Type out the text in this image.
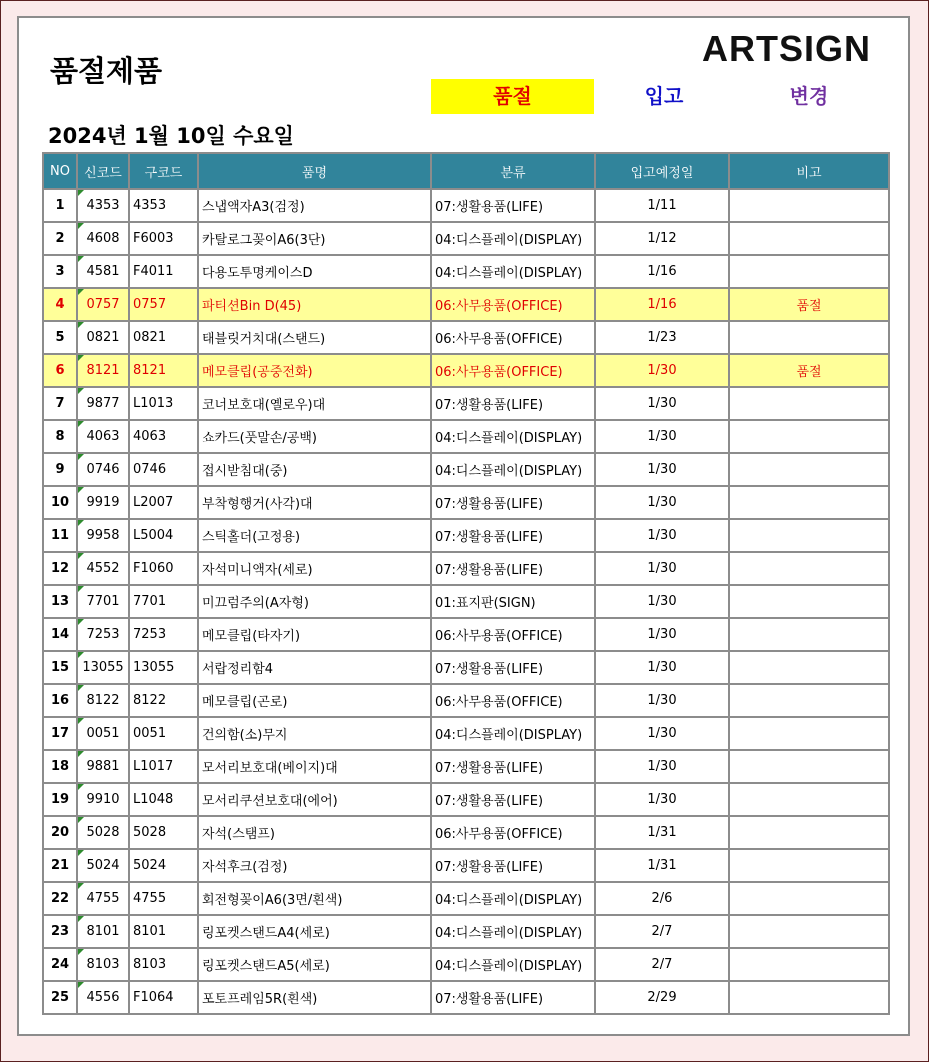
품절제품
ARTSIGN
품절	입고	변경
2024년 1월 10일 수요일
NO	신코드	구코드	품명	분류	입고예정일	비고
1	4353	4353	스냅액자A3(검정)	07:생활용품(LIFE)	1/11	
2	4608	F6003	카탈로그꽂이A6(3단)	04:디스플레이(DISPLAY)	1/12	
3	4581	F4011	다용도투명케이스D	04:디스플레이(DISPLAY)	1/16	
4	0757	0757	파티션Bin D(45)	06:사무용품(OFFICE)	1/16	품절
5	0821	0821	태블릿거치대(스탠드)	06:사무용품(OFFICE)	1/23	
6	8121	8121	메모클립(공중전화)	06:사무용품(OFFICE)	1/30	품절
7	9877	L1013	코너보호대(옐로우)대	07:생활용품(LIFE)	1/30	
8	4063	4063	쇼카드(풋말손/공백)	04:디스플레이(DISPLAY)	1/30	
9	0746	0746	접시받침대(중)	04:디스플레이(DISPLAY)	1/30	
10	9919	L2007	부착형행거(사각)대	07:생활용품(LIFE)	1/30	
11	9958	L5004	스틱홀더(고정용)	07:생활용품(LIFE)	1/30	
12	4552	F1060	자석미니액자(세로)	07:생활용품(LIFE)	1/30	
13	7701	7701	미끄럼주의(A자형)	01:표지판(SIGN)	1/30	
14	7253	7253	메모클립(타자기)	06:사무용품(OFFICE)	1/30	
15	13055	13055	서랍정리함4	07:생활용품(LIFE)	1/30	
16	8122	8122	메모클립(곤로)	06:사무용품(OFFICE)	1/30	
17	0051	0051	건의함(소)무지	04:디스플레이(DISPLAY)	1/30	
18	9881	L1017	모서리보호대(베이지)대	07:생활용품(LIFE)	1/30	
19	9910	L1048	모서리쿠션보호대(에어)	07:생활용품(LIFE)	1/30	
20	5028	5028	자석(스탬프)	06:사무용품(OFFICE)	1/31	
21	5024	5024	자석후크(검정)	07:생활용품(LIFE)	1/31	
22	4755	4755	회전형꽂이A6(3면/흰색)	04:디스플레이(DISPLAY)	2/6	
23	8101	8101	링포켓스탠드A4(세로)	04:디스플레이(DISPLAY)	2/7	
24	8103	8103	링포켓스탠드A5(세로)	04:디스플레이(DISPLAY)	2/7	
25	4556	F1064	포토프레임5R(흰색)	07:생활용품(LIFE)	2/29	
